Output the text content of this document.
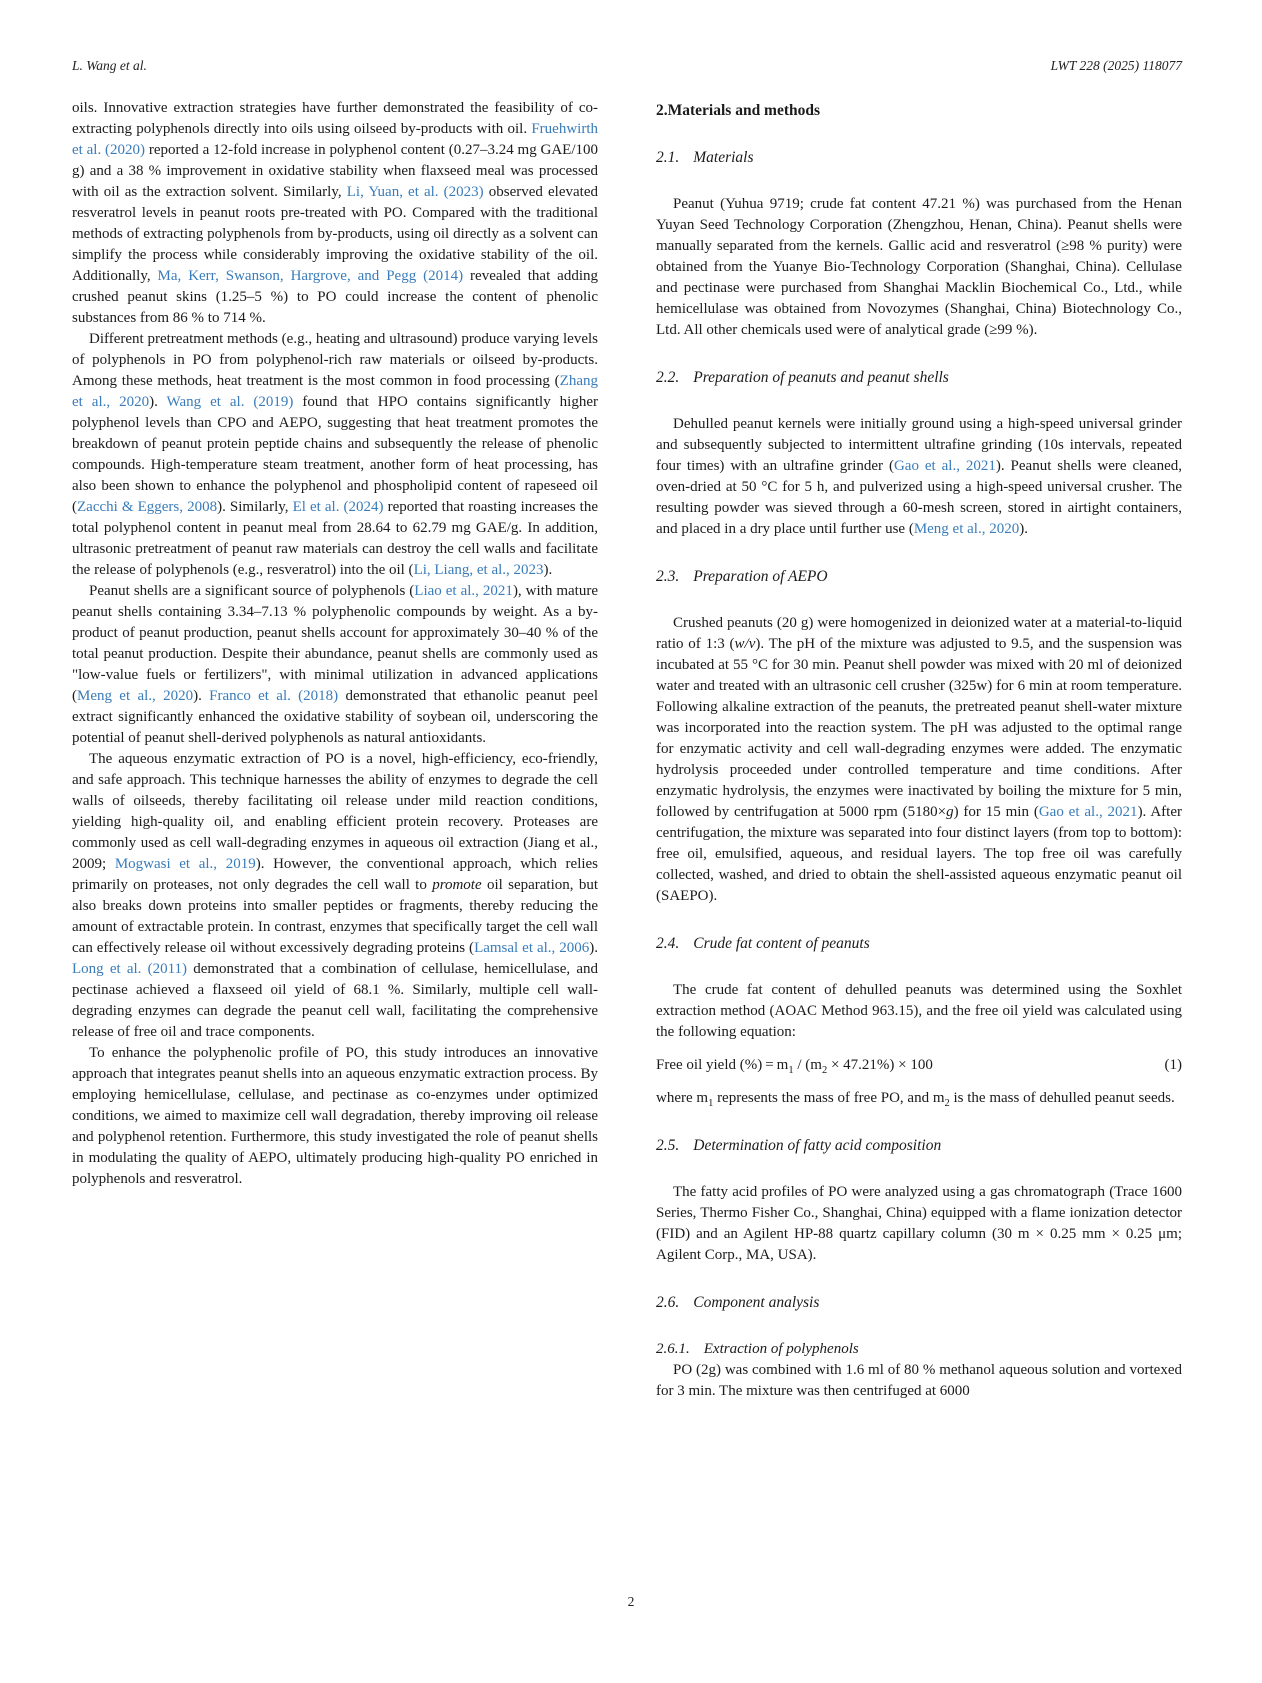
L. Wang et al.	LWT 228 (2025) 118077

oils. Innovative extraction strategies have further demonstrated the feasibility of co-extracting polyphenols directly into oils using oilseed by-products with oil. Fruehwirth et al. (2020) reported a 12-fold increase in polyphenol content (0.27–3.24 mg GAE/100 g) and a 38 % improvement in oxidative stability when flaxseed meal was processed with oil as the extraction solvent. Similarly, Li, Yuan, et al. (2023) observed elevated resveratrol levels in peanut roots pre-treated with PO. Compared with the traditional methods of extracting polyphenols from by-products, using oil directly as a solvent can simplify the process while considerably improving the oxidative stability of the oil. Additionally, Ma, Kerr, Swanson, Hargrove, and Pegg (2014) revealed that adding crushed peanut skins (1.25–5 %) to PO could increase the content of phenolic substances from 86 % to 714 %.

Different pretreatment methods (e.g., heating and ultrasound) produce varying levels of polyphenols in PO from polyphenol-rich raw materials or oilseed by-products. Among these methods, heat treatment is the most common in food processing (Zhang et al., 2020). Wang et al. (2019) found that HPO contains significantly higher polyphenol levels than CPO and AEPO, suggesting that heat treatment promotes the breakdown of peanut protein peptide chains and subsequently the release of phenolic compounds. High-temperature steam treatment, another form of heat processing, has also been shown to enhance the polyphenol and phospholipid content of rapeseed oil (Zacchi & Eggers, 2008). Similarly, El et al. (2024) reported that roasting increases the total polyphenol content in peanut meal from 28.64 to 62.79 mg GAE/g. In addition, ultrasonic pretreatment of peanut raw materials can destroy the cell walls and facilitate the release of polyphenols (e.g., resveratrol) into the oil (Li, Liang, et al., 2023).

Peanut shells are a significant source of polyphenols (Liao et al., 2021), with mature peanut shells containing 3.34–7.13 % polyphenolic compounds by weight. As a by-product of peanut production, peanut shells account for approximately 30–40 % of the total peanut production. Despite their abundance, peanut shells are commonly used as "low-value fuels or fertilizers", with minimal utilization in advanced applications (Meng et al., 2020). Franco et al. (2018) demonstrated that ethanolic peanut peel extract significantly enhanced the oxidative stability of soybean oil, underscoring the potential of peanut shell-derived polyphenols as natural antioxidants.

The aqueous enzymatic extraction of PO is a novel, high-efficiency, eco-friendly, and safe approach. This technique harnesses the ability of enzymes to degrade the cell walls of oilseeds, thereby facilitating oil release under mild reaction conditions, yielding high-quality oil, and enabling efficient protein recovery. Proteases are commonly used as cell wall-degrading enzymes in aqueous oil extraction (Jiang et al., 2009; Mogwasi et al., 2019). However, the conventional approach, which relies primarily on proteases, not only degrades the cell wall to promote oil separation, but also breaks down proteins into smaller peptides or fragments, thereby reducing the amount of extractable protein. In contrast, enzymes that specifically target the cell wall can effectively release oil without excessively degrading proteins (Lamsal et al., 2006). Long et al. (2011) demonstrated that a combination of cellulase, hemicellulase, and pectinase achieved a flaxseed oil yield of 68.1 %. Similarly, multiple cell wall-degrading enzymes can degrade the peanut cell wall, facilitating the comprehensive release of free oil and trace components.

To enhance the polyphenolic profile of PO, this study introduces an innovative approach that integrates peanut shells into an aqueous enzymatic extraction process. By employing hemicellulase, cellulase, and pectinase as co-enzymes under optimized conditions, we aimed to maximize cell wall degradation, thereby improving oil release and polyphenol retention. Furthermore, this study investigated the role of peanut shells in modulating the quality of AEPO, ultimately producing high-quality PO enriched in polyphenols and resveratrol.

2.Materials and methods
2.1. Materials

Peanut (Yuhua 9719; crude fat content 47.21 %) was purchased from the Henan Yuyan Seed Technology Corporation (Zhengzhou, Henan, China). Peanut shells were manually separated from the kernels. Gallic acid and resveratrol (≥98 % purity) were obtained from the Yuanye Bio-Technology Corporation (Shanghai, China). Cellulase and pectinase were purchased from Shanghai Macklin Biochemical Co., Ltd., while hemicellulase was obtained from Novozymes (Shanghai, China) Biotechnology Co., Ltd. All other chemicals used were of analytical grade (≥99 %).

2.2. Preparation of peanuts and peanut shells

Dehulled peanut kernels were initially ground using a high-speed universal grinder and subsequently subjected to intermittent ultrafine grinding (10s intervals, repeated four times) with an ultrafine grinder (Gao et al., 2021). Peanut shells were cleaned, oven-dried at 50 °C for 5 h, and pulverized using a high-speed universal crusher. The resulting powder was sieved through a 60-mesh screen, stored in airtight containers, and placed in a dry place until further use (Meng et al., 2020).

2.3. Preparation of AEPO

Crushed peanuts (20 g) were homogenized in deionized water at a material-to-liquid ratio of 1:3 (w/v). The pH of the mixture was adjusted to 9.5, and the suspension was incubated at 55 °C for 30 min. Peanut shell powder was mixed with 20 ml of deionized water and treated with an ultrasonic cell crusher (325w) for 6 min at room temperature. Following alkaline extraction of the peanuts, the pretreated peanut shell-water mixture was incorporated into the reaction system. The pH was adjusted to the optimal range for enzymatic activity and cell wall-degrading enzymes were added. The enzymatic hydrolysis proceeded under controlled temperature and time conditions. After enzymatic hydrolysis, the enzymes were inactivated by boiling the mixture for 5 min, followed by centrifugation at 5000 rpm (5180×g) for 15 min (Gao et al., 2021). After centrifugation, the mixture was separated into four distinct layers (from top to bottom): free oil, emulsified, aqueous, and residual layers. The top free oil was carefully collected, washed, and dried to obtain the shell-assisted aqueous enzymatic peanut oil (SAEPO).

2.4. Crude fat content of peanuts

The crude fat content of dehulled peanuts was determined using the Soxhlet extraction method (AOAC Method 963.15), and the free oil yield was calculated using the following equation:

Free oil yield (%) = $m_1 / (m_2 \times 47.21\%) \times 100$	(1)

where $m_1$ represents the mass of free PO, and $m_2$ is the mass of dehulled peanut seeds.

2.5. Determination of fatty acid composition

The fatty acid profiles of PO were analyzed using a gas chromatograph (Trace 1600 Series, Thermo Fisher Co., Shanghai, China) equipped with a flame ionization detector (FID) and an Agilent HP-88 quartz capillary column (30 m × 0.25 mm × 0.25 μm; Agilent Corp., MA, USA).

2.6. Component analysis
2.6.1. Extraction of polyphenols

PO (2g) was combined with 1.6 ml of 80 % methanol aqueous solution and vortexed for 3 min. The mixture was then centrifuged at 6000

2
